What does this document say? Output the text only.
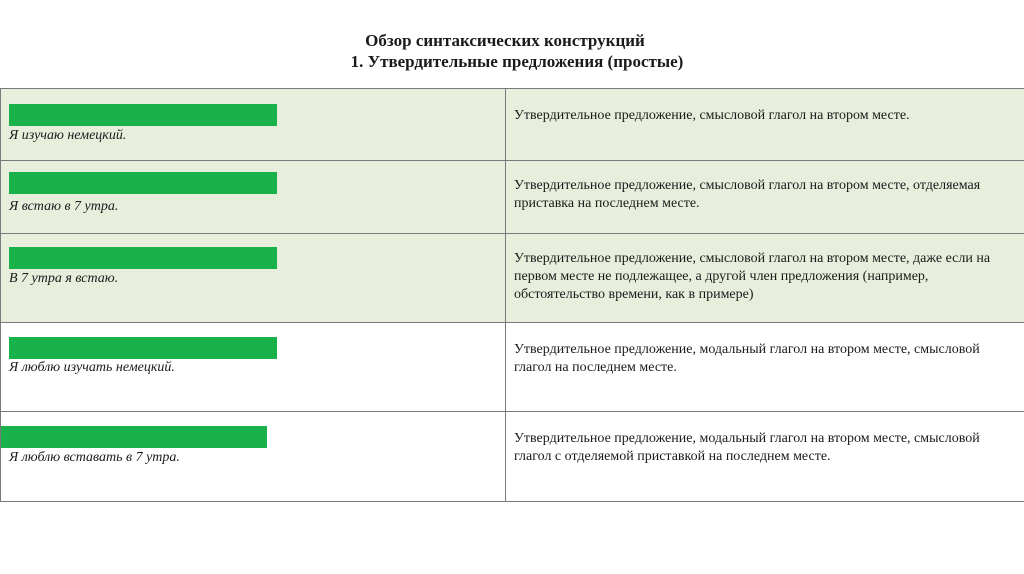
Обзор синтаксических конструкций
1. Утвердительные предложения (простые)
Я изучаю немецкий.	Утвердительное предложение, смысловой глагол на втором месте.

Я встаю в 7 утра.	Утвердительное предложение, смысловой глагол на втором месте, отделяемая приставка на последнем месте.

В 7 утра я встаю.	Утвердительное предложение, смысловой глагол на втором месте, даже если на первом месте не подлежащее, а другой член предложения (например, обстоятельство времени, как в примере)

Я люблю изучать немецкий.	Утвердительное предложение, модальный глагол на втором месте, смысловой глагол на последнем месте.

Я люблю вставать в 7 утра.	Утвердительное предложение, модальный глагол на втором месте, смысловой глагол с отделяемой приставкой на последнем месте.
